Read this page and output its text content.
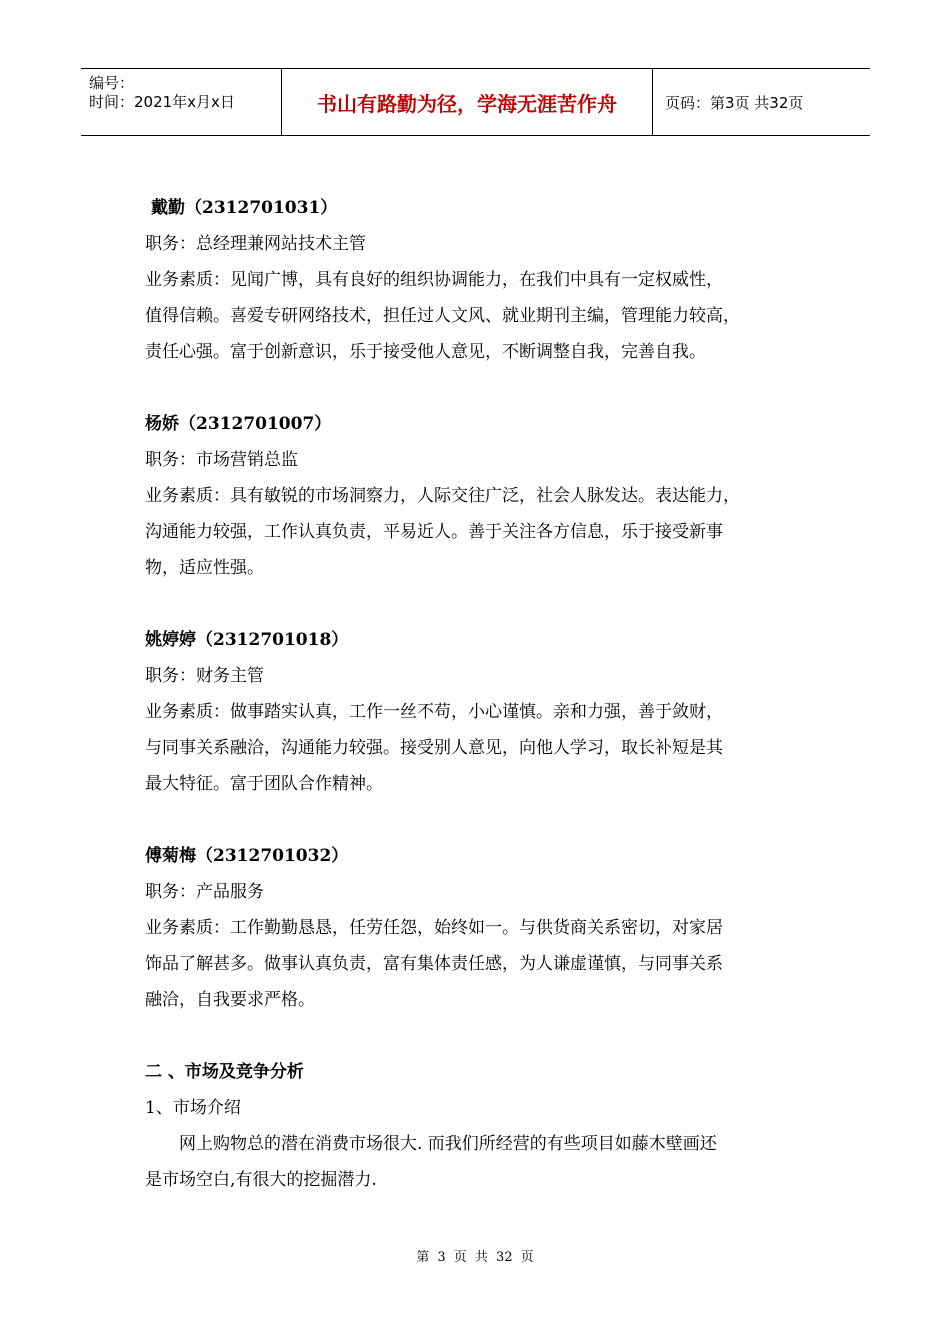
编号：
时间：2021年x月x日	书山有路勤为径，学海无涯苦作舟	页码：第3页 共32页
戴勤（2312701031）
职务：总经理兼网站技术主管
业务素质：见闻广博，具有良好的组织协调能力，在我们中具有一定权威性，
值得信赖。喜爱专研网络技术，担任过人文风、就业期刊主编，管理能力较高，
责任心强。富于创新意识，乐于接受他人意见，不断调整自我，完善自我。
杨娇（2312701007）
职务：市场营销总监
业务素质：具有敏锐的市场洞察力，人际交往广泛，社会人脉发达。表达能力，
沟通能力较强，工作认真负责，平易近人。善于关注各方信息，乐于接受新事
物，适应性强。
姚婷婷（2312701018）
职务：财务主管
业务素质：做事踏实认真，工作一丝不苟，小心谨慎。亲和力强，善于敛财，
与同事关系融洽，沟通能力较强。接受别人意见，向他人学习，取长补短是其
最大特征。富于团队合作精神。
傅菊梅（2312701032）
职务：产品服务
业务素质：工作勤勤恳恳，任劳任怨，始终如一。与供货商关系密切，对家居
饰品了解甚多。做事认真负责，富有集体责任感，为人谦虚谨慎，与同事关系
融洽，自我要求严格。
二 、市场及竞争分析
1、市场介绍
网上购物总的潜在消费市场很大. 而我们所经营的有些项目如藤木壁画还
是市场空白,有很大的挖掘潜力.
第 3 页 共 32 页
